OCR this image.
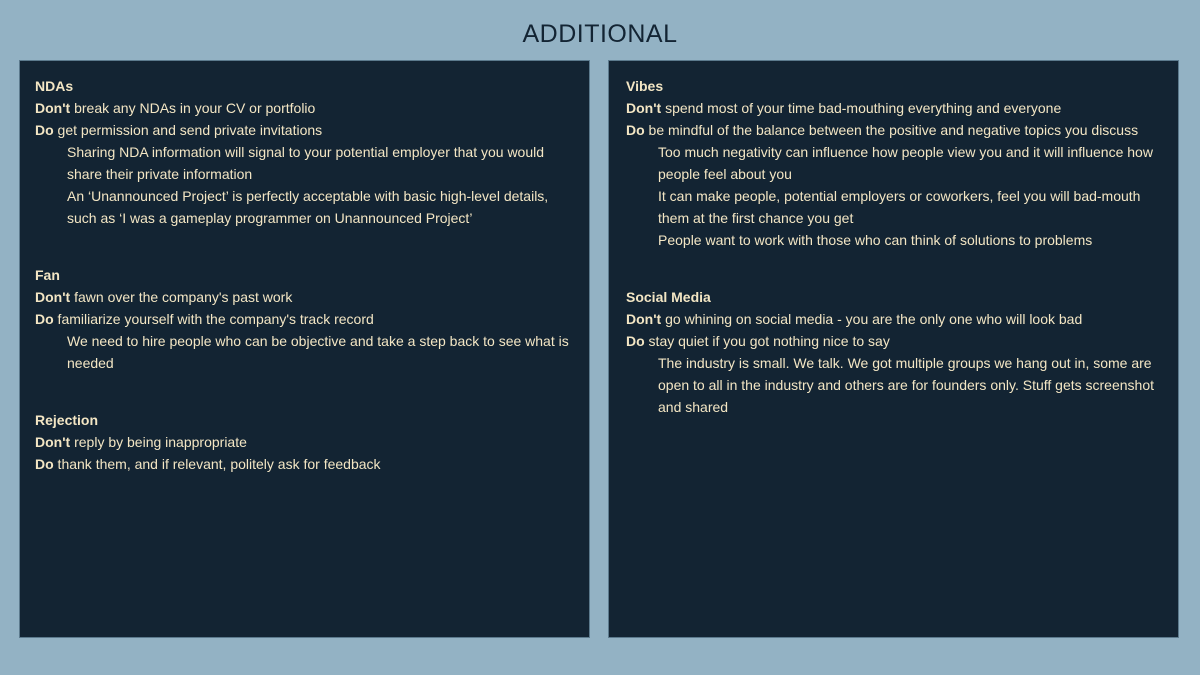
ADDITIONAL
NDAs
Don't break any NDAs in your CV or portfolio
Do get permission and send private invitations
Sharing NDA information will signal to your potential employer that you would share their private information
An ‘Unannounced Project’ is perfectly acceptable with basic high-level details, such as ‘I was a gameplay programmer on Unannounced Project’
Fan
Don't fawn over the company's past work
Do familiarize yourself with the company's track record
We need to hire people who can be objective and take a step back to see what is needed
Rejection
Don't reply by being inappropriate
Do thank them, and if relevant, politely ask for feedback
Vibes
Don't spend most of your time bad-mouthing everything and everyone
Do be mindful of the balance between the positive and negative topics you discuss
Too much negativity can influence how people view you and it will influence how people feel about you
It can make people, potential employers or coworkers, feel you will bad-mouth them at the first chance you get
People want to work with those who can think of solutions to problems
Social Media
Don't go whining on social media - you are the only one who will look bad
Do stay quiet if you got nothing nice to say
The industry is small. We talk. We got multiple groups we hang out in, some are open to all in the industry and others are for founders only. Stuff gets screenshot and shared
